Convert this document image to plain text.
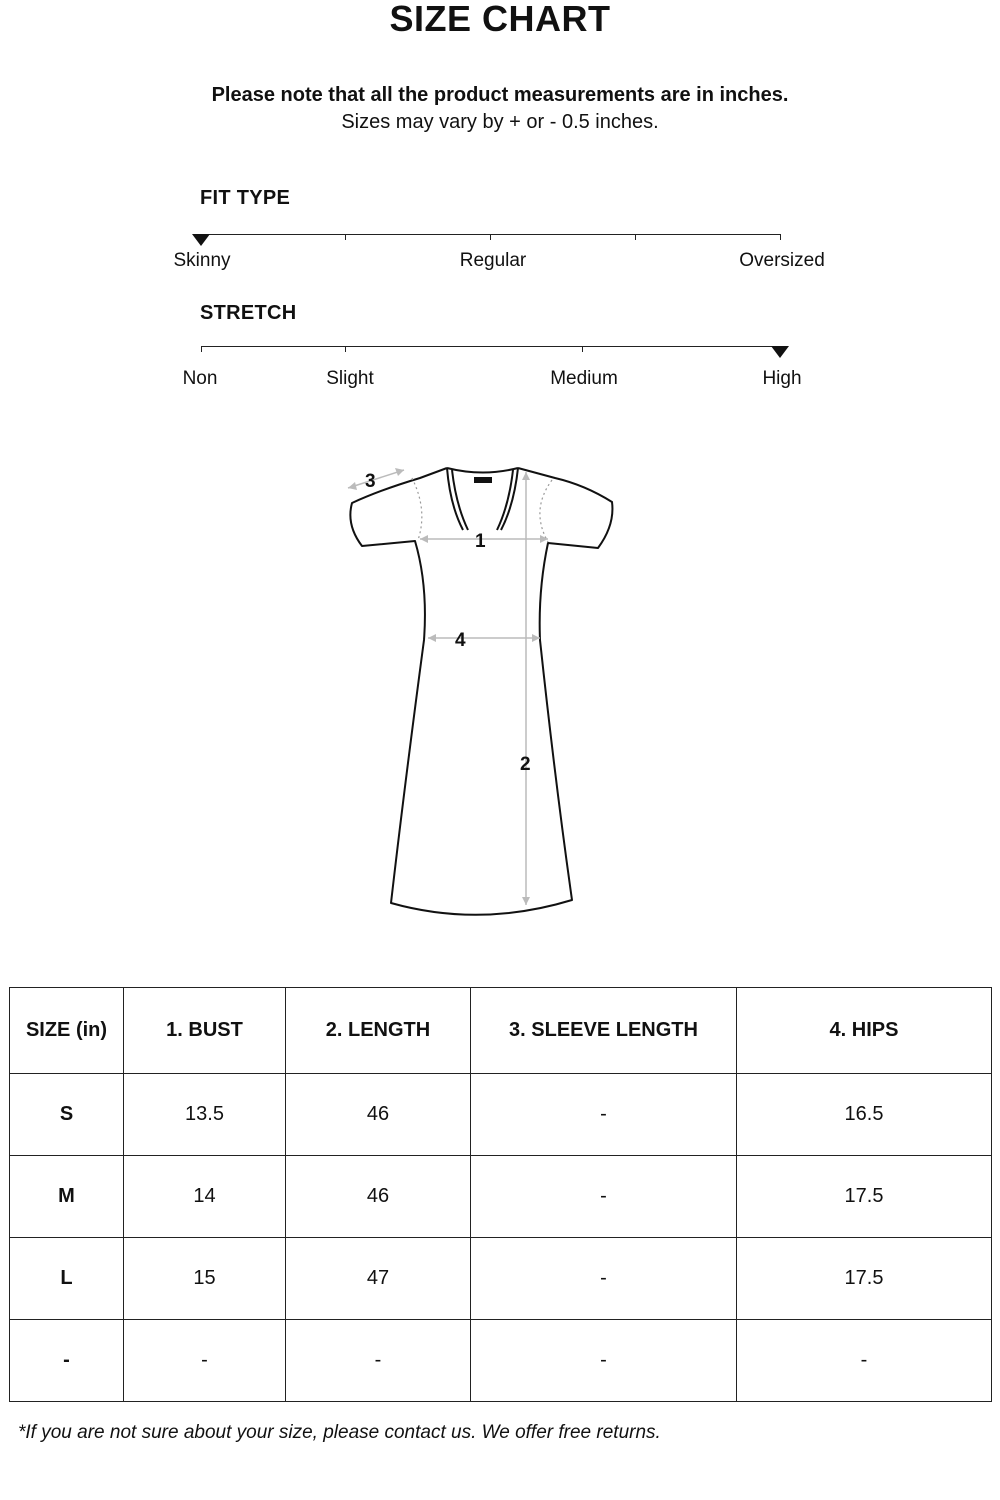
SIZE CHART
Please note that all the product measurements are in inches.
Sizes may vary by + or - 0.5 inches.
FIT TYPE
Skinny	Regular	Oversized
STRETCH
Non	Slight	Medium	High
3
1
4
2
SIZE (in)	1. BUST	2. LENGTH	3. SLEEVE LENGTH	4. HIPS
S	13.5	46	-	16.5
M	14	46	-	17.5
L	15	47	-	17.5
-	-	-	-	-
*If you are not sure about your size, please contact us. We offer free returns.
